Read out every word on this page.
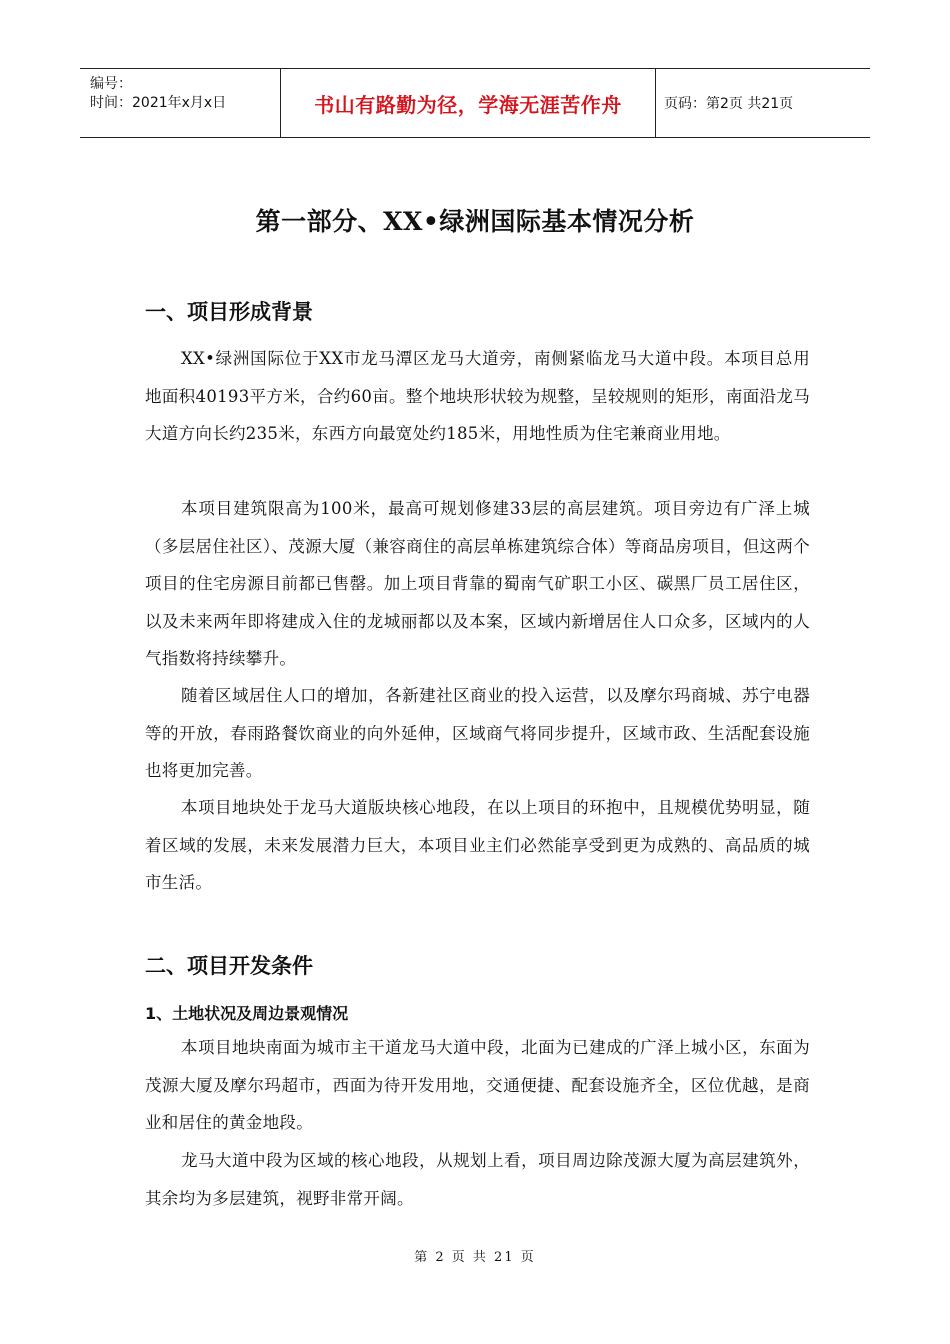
编号：
时间：2021年x月x日	书山有路勤为径，学海无涯苦作舟	页码：第2页 共21页
第一部分、XX•绿洲国际基本情况分析
一、项目形成背景

XX•绿洲国际位于XX市龙马潭区龙马大道旁，南侧紧临龙马大道中段。本项目总用地面积40193平方米，合约60亩。整个地块形状较为规整，呈较规则的矩形，南面沿龙马大道方向长约235米，东西方向最宽处约185米，用地性质为住宅兼商业用地。

本项目建筑限高为100米，最高可规划修建33层的高层建筑。项目旁边有广泽上城（多层居住社区）、茂源大厦（兼容商住的高层单栋建筑综合体）等商品房项目，但这两个项目的住宅房源目前都已售罄。加上项目背靠的蜀南气矿职工小区、碳黑厂员工居住区，以及未来两年即将建成入住的龙城丽都以及本案，区域内新增居住人口众多，区域内的人气指数将持续攀升。

随着区域居住人口的增加，各新建社区商业的投入运营，以及摩尔玛商城、苏宁电器等的开放，春雨路餐饮商业的向外延伸，区域商气将同步提升，区域市政、生活配套设施也将更加完善。

本项目地块处于龙马大道版块核心地段，在以上项目的环抱中，且规模优势明显，随着区域的发展，未来发展潜力巨大，本项目业主们必然能享受到更为成熟的、高品质的城市生活。

二、项目开发条件
1、土地状况及周边景观情况

本项目地块南面为城市主干道龙马大道中段，北面为已建成的广泽上城小区，东面为茂源大厦及摩尔玛超市，西面为待开发用地，交通便捷、配套设施齐全，区位优越，是商业和居住的黄金地段。

龙马大道中段为区域的核心地段，从规划上看，项目周边除茂源大厦为高层建筑外，其余均为多层建筑，视野非常开阔。

第 2 页 共 21 页
